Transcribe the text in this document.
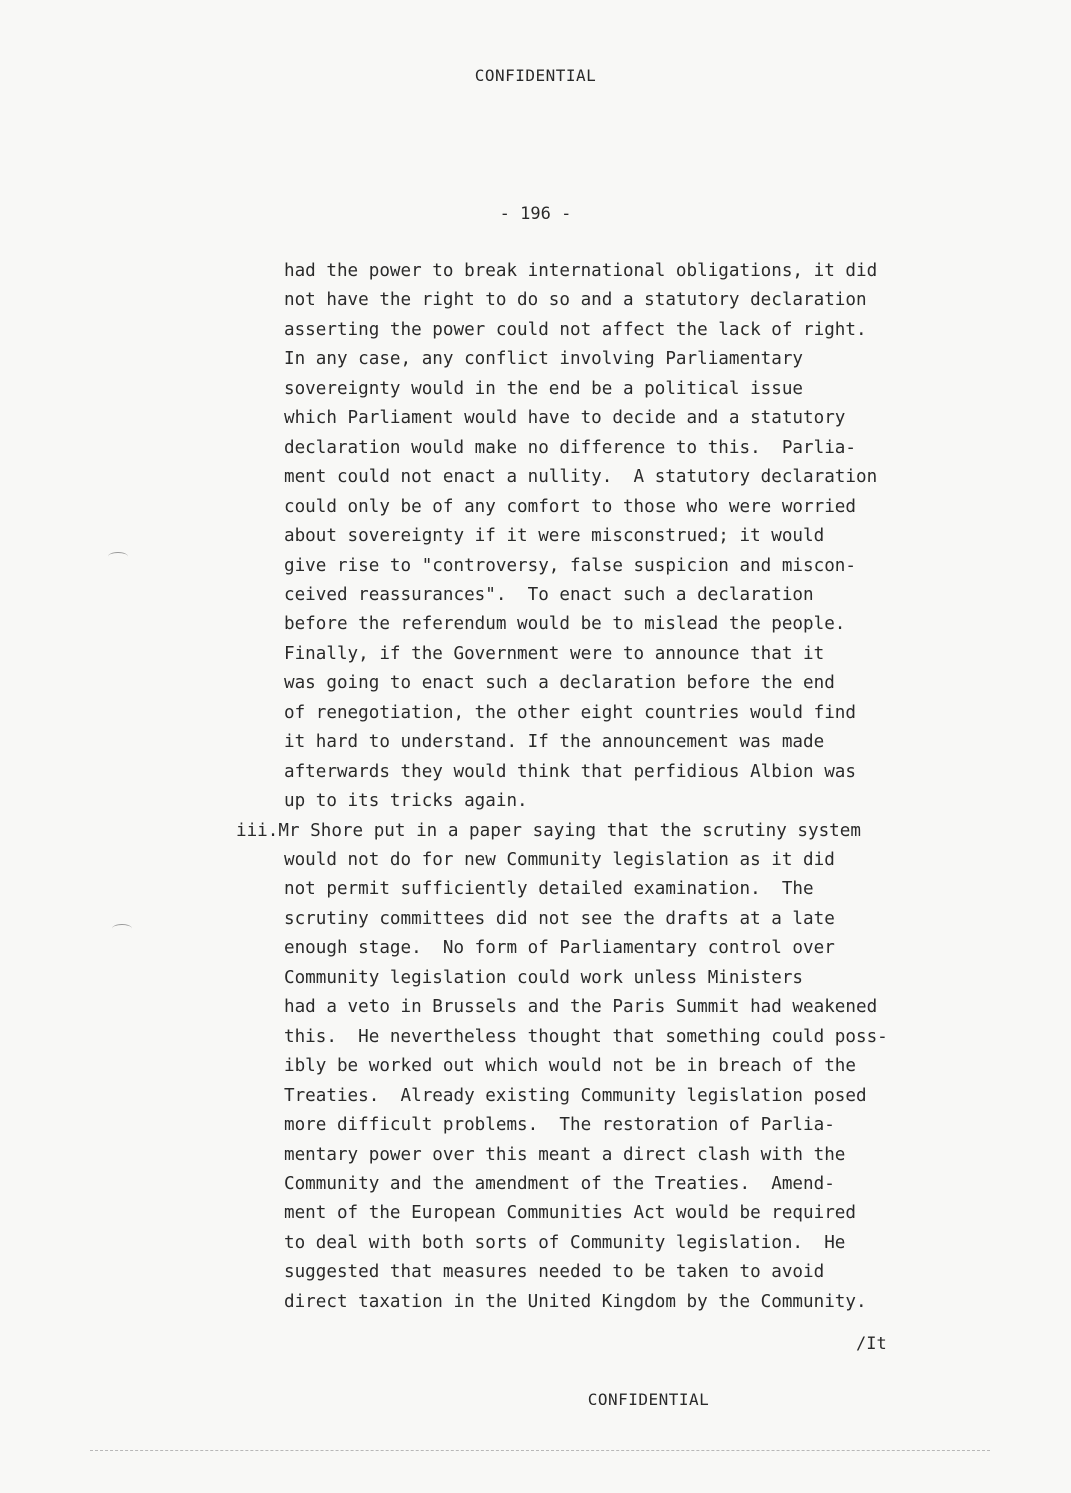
CONFIDENTIAL
- 196 -
had the power to break international obligations, it did
not have the right to do so and a statutory declaration
asserting the power could not affect the lack of right.
In any case, any conflict involving Parliamentary
sovereignty would in the end be a political issue
which Parliament would have to decide and a statutory
declaration would make no difference to this.  Parlia-
ment could not enact a nullity.  A statutory declaration
could only be of any comfort to those who were worried
about sovereignty if it were misconstrued; it would
give rise to "controversy, false suspicion and miscon-
ceived reassurances".  To enact such a declaration
before the referendum would be to mislead the people.
Finally, if the Government were to announce that it
was going to enact such a declaration before the end
of renegotiation, the other eight countries would find
it hard to understand. If the announcement was made
afterwards they would think that perfidious Albion was
up to its tricks again.
iii.Mr Shore put in a paper saying that the scrutiny system
would not do for new Community legislation as it did
not permit sufficiently detailed examination.  The
scrutiny committees did not see the drafts at a late
enough stage.  No form of Parliamentary control over
Community legislation could work unless Ministers
had a veto in Brussels and the Paris Summit had weakened
this.  He nevertheless thought that something could poss-
ibly be worked out which would not be in breach of the
Treaties.  Already existing Community legislation posed
more difficult problems.  The restoration of Parlia-
mentary power over this meant a direct clash with the
Community and the amendment of the Treaties.  Amend-
ment of the European Communities Act would be required
to deal with both sorts of Community legislation.  He
suggested that measures needed to be taken to avoid
direct taxation in the United Kingdom by the Community.
/It
CONFIDENTIAL
